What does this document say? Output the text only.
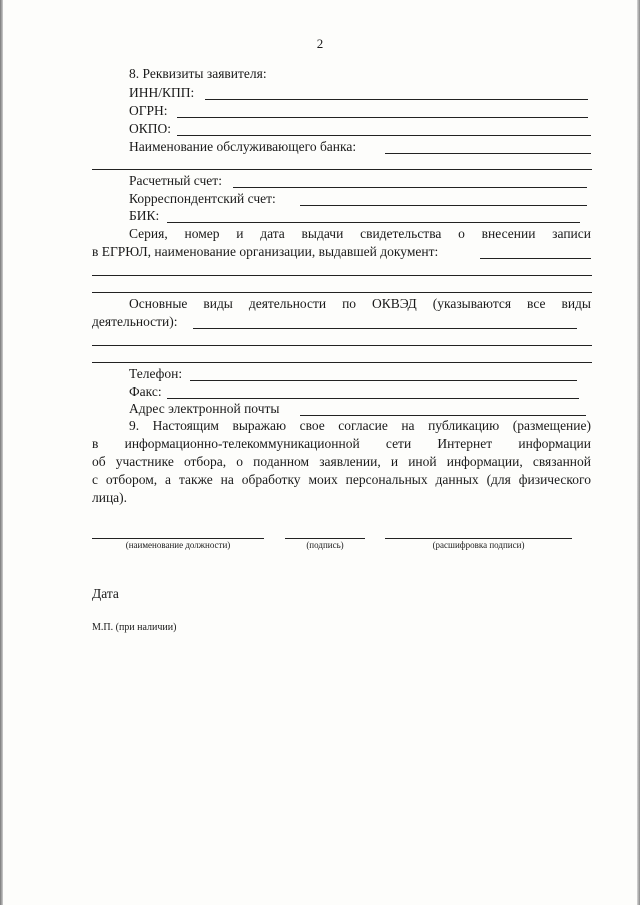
2
8. Реквизиты заявителя:
ИНН/КПП:
ОГРН:
ОКПО:
Наименование обслуживающего банка:
Расчетный счет:
Корреспондентский счет:
БИК:
Серия, номер и дата выдачи свидетельства о внесении записи
в ЕГРЮЛ, наименование организации, выдавшей документ:
Основные виды деятельности по ОКВЭД (указываются все виды
деятельности):
Телефон:
Факс:
Адрес электронной почты
9. Настоящим выражаю свое согласие на публикацию (размещение)
в информационно-телекоммуникационной сети Интернет информации
об участнике отбора, о поданном заявлении, и иной информации, связанной
с отбором, а также на обработку моих персональных данных (для физического
лица).
(наименование должности)	(подпись)	(расшифровка подписи)
Дата
М.П. (при наличии)
